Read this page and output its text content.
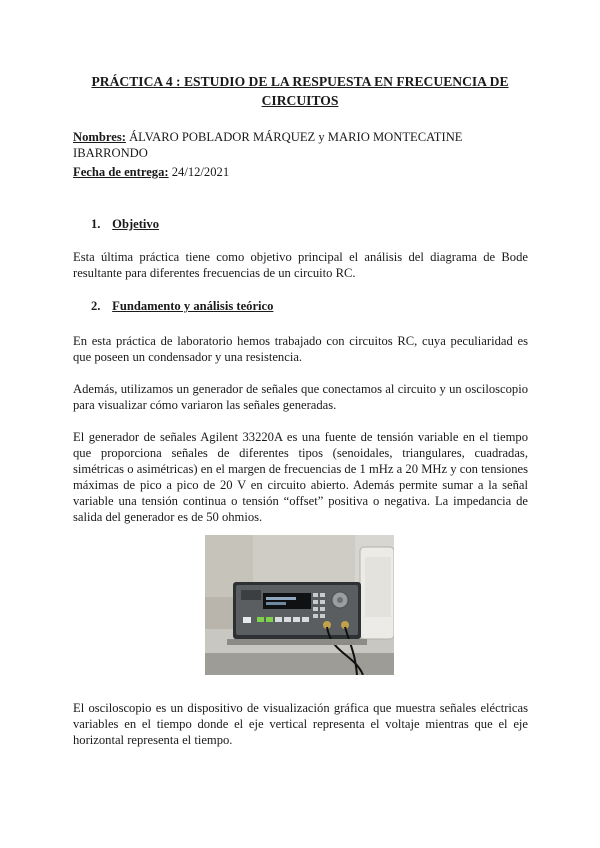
PRÁCTICA 4 : ESTUDIO DE LA RESPUESTA EN FRECUENCIA DE
CIRCUITOS
Nombres: ÁLVARO POBLADOR MÁRQUEZ y MARIO MONTECATINE IBARRONDO
Fecha de entrega: 24/12/2021
1. Objetivo
Esta última práctica tiene como objetivo principal el análisis del diagrama de Bode resultante para diferentes frecuencias de un circuito RC.
2. Fundamento y análisis teórico
En esta práctica de laboratorio hemos trabajado con circuitos RC, cuya peculiaridad es que poseen un condensador y una resistencia.
Además, utilizamos un generador de señales que conectamos al circuito y un osciloscopio para visualizar cómo variaron las señales generadas.
El generador de señales Agilent 33220A es una fuente de tensión variable en el tiempo que proporciona señales de diferentes tipos (senoidales, triangulares, cuadradas, simétricas o asimétricas) en el margen de frecuencias de 1 mHz a 20 MHz y con tensiones máximas de pico a pico de 20 V en circuito abierto. Además permite sumar a la señal variable una tensión continua o tensión “offset” positiva o negativa. La impedancia de salida del generador es de 50 ohmios.
El osciloscopio es un dispositivo de visualización gráfica que muestra señales eléctricas variables en el tiempo donde el eje vertical representa el voltaje mientras que el eje horizontal representa el tiempo.
